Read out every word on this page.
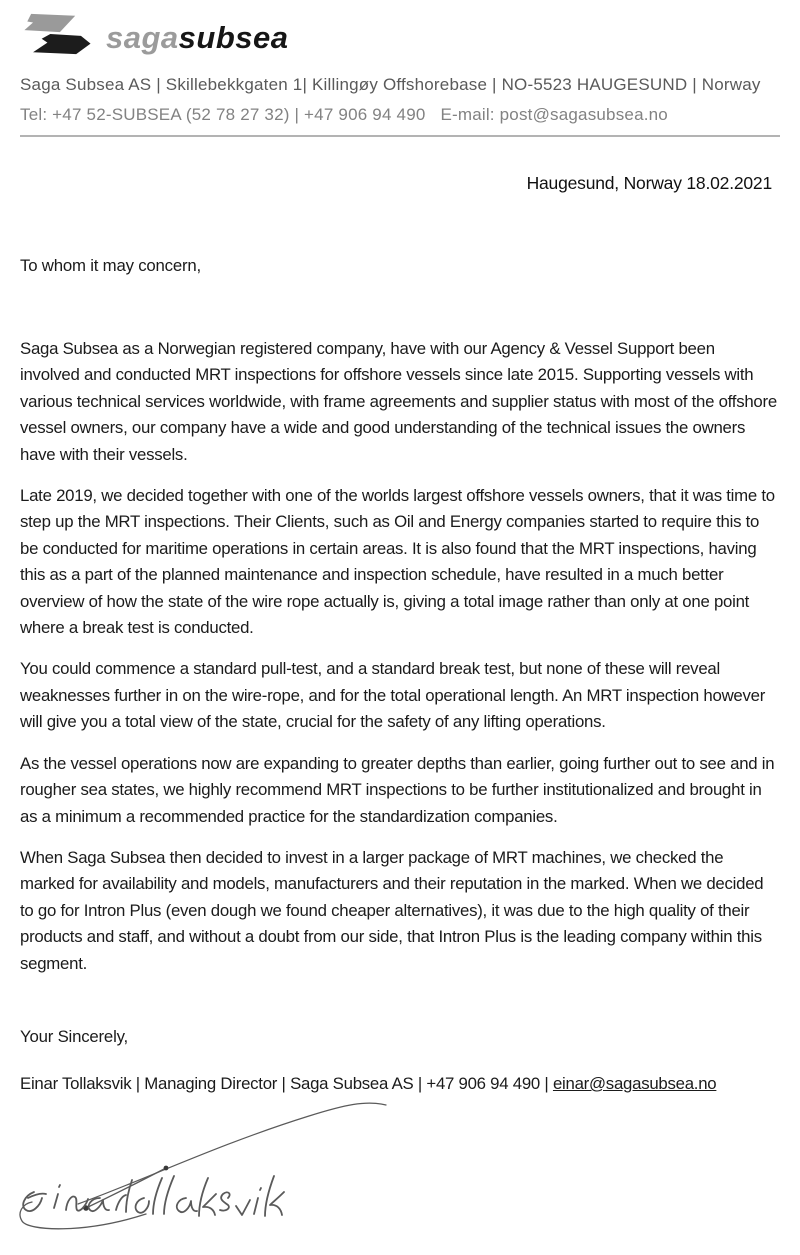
sagasubsea
Saga Subsea AS | Skillebekkgaten 1| Killingøy Offshorebase | NO-5523 HAUGESUND | Norway
Tel: +47 52-SUBSEA (52 78 27 32) | +47 906 94 490 E-mail: post@sagasubsea.no
Haugesund, Norway 18.02.2021
To whom it may concern,

Saga Subsea as a Norwegian registered company, have with our Agency & Vessel Support been involved and conducted MRT inspections for offshore vessels since late 2015. Supporting vessels with various technical services worldwide, with frame agreements and supplier status with most of the offshore vessel owners, our company have a wide and good understanding of the technical issues the owners have with their vessels.

Late 2019, we decided together with one of the worlds largest offshore vessels owners, that it was time to step up the MRT inspections. Their Clients, such as Oil and Energy companies started to require this to be conducted for maritime operations in certain areas. It is also found that the MRT inspections, having this as a part of the planned maintenance and inspection schedule, have resulted in a much better overview of how the state of the wire rope actually is, giving a total image rather than only at one point where a break test is conducted.

You could commence a standard pull-test, and a standard break test, but none of these will reveal weaknesses further in on the wire-rope, and for the total operational length. An MRT inspection however will give you a total view of the state, crucial for the safety of any lifting operations.

As the vessel operations now are expanding to greater depths than earlier, going further out to see and in rougher sea states, we highly recommend MRT inspections to be further institutionalized and brought in as a minimum a recommended practice for the standardization companies.

When Saga Subsea then decided to invest in a larger package of MRT machines, we checked the marked for availability and models, manufacturers and their reputation in the marked. When we decided to go for Intron Plus (even dough we found cheaper alternatives), it was due to the high quality of their products and staff, and without a doubt from our side, that Intron Plus is the leading company within this segment.

Your Sincerely,
Einar Tollaksvik | Managing Director | Saga Subsea AS | +47 906 94 490 | einar@sagasubsea.no
